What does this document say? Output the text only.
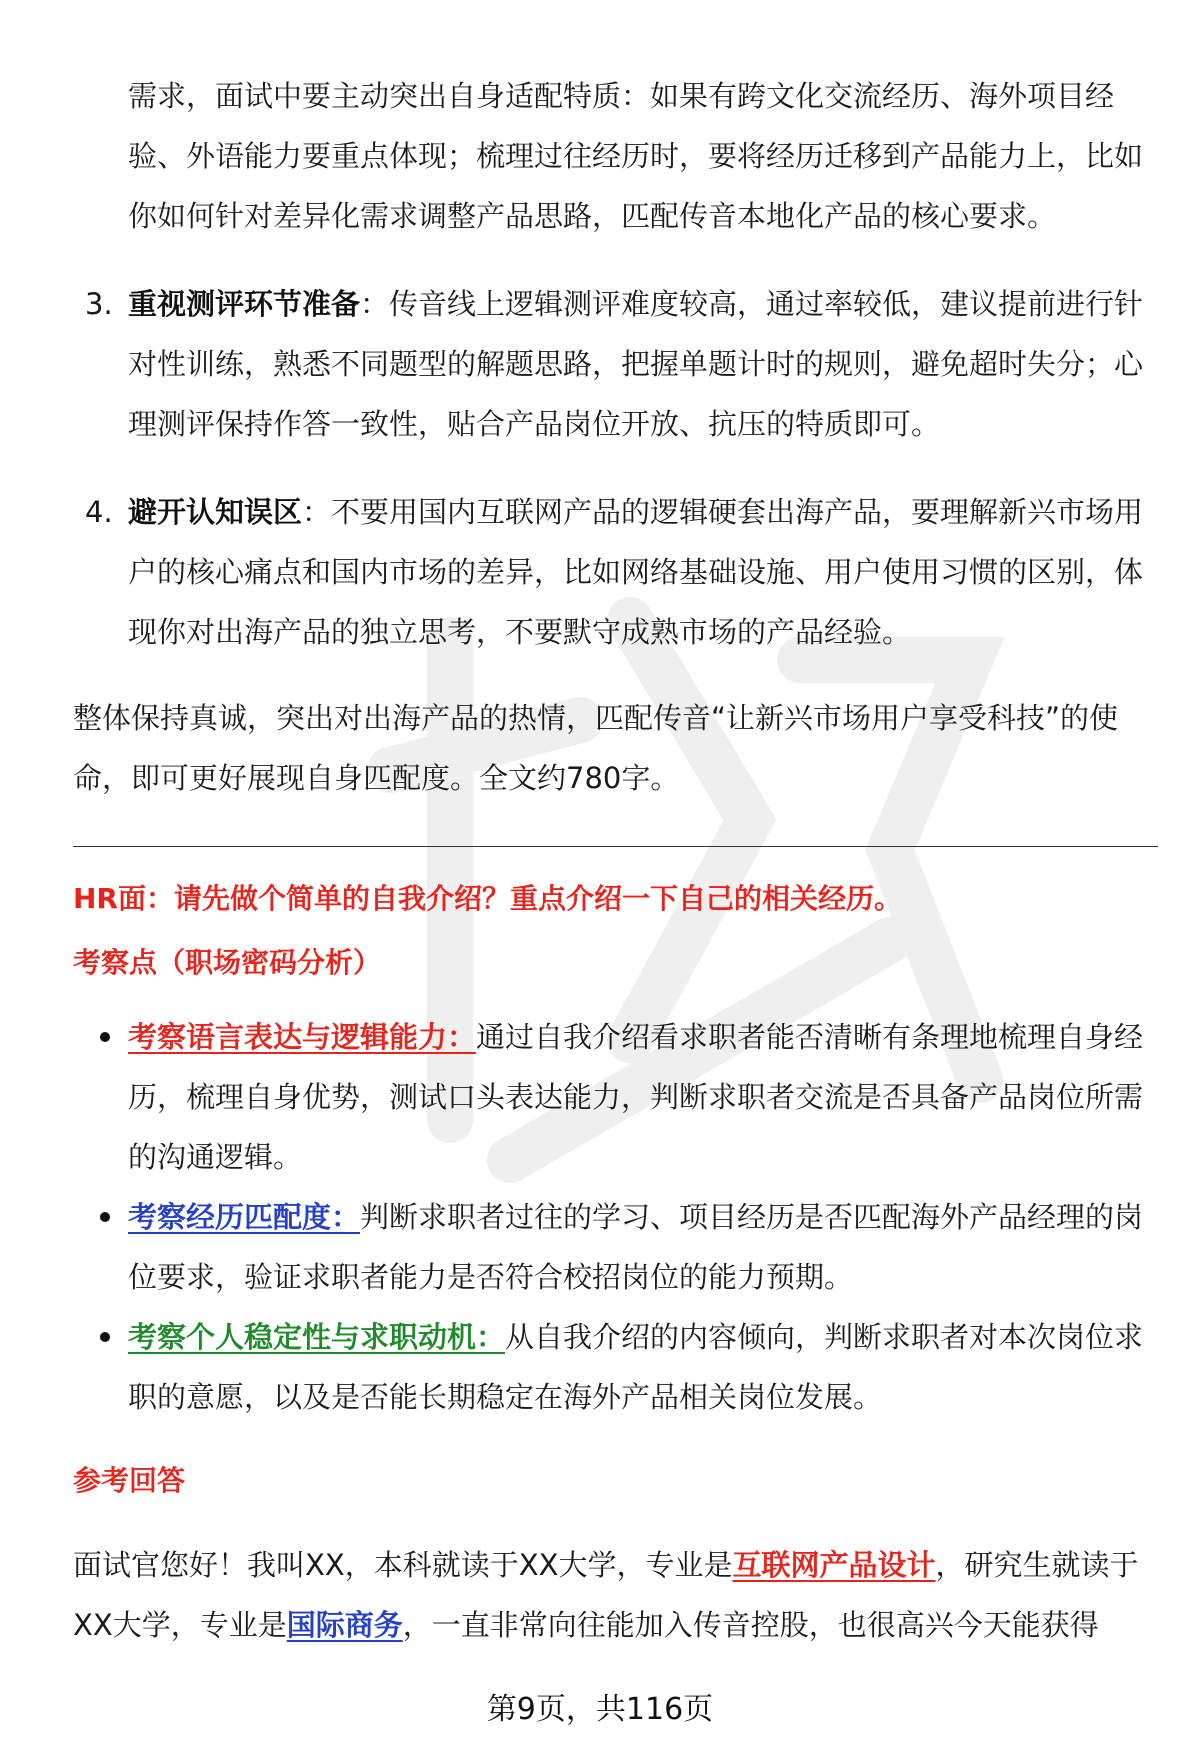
需求，面试中要主动突出自身适配特质：如果有跨文化交流经历、海外项目经验、外语能力要重点体现；梳理过往经历时，要将经历迁移到产品能力上，比如你如何针对差异化需求调整产品思路，匹配传音本地化产品的核心要求。

3. 重视测评环节准备：传音线上逻辑测评难度较高，通过率较低，建议提前进行针对性训练，熟悉不同题型的解题思路，把握单题计时的规则，避免超时失分；心理测评保持作答一致性，贴合产品岗位开放、抗压的特质即可。
4. 避开认知误区：不要用国内互联网产品的逻辑硬套出海产品，要理解新兴市场用户的核心痛点和国内市场的差异，比如网络基础设施、用户使用习惯的区别，体现你对出海产品的独立思考，不要默守成熟市场的产品经验。

整体保持真诚，突出对出海产品的热情，匹配传音“让新兴市场用户享受科技”的使命，即可更好展现自身匹配度。全文约780字。

HR面：请先做个简单的自我介绍？重点介绍一下自己的相关经历。

考察点（职场密码分析）

考察语言表达与逻辑能力：通过自我介绍看求职者能否清晰有条理地梳理自身经历，梳理自身优势，测试口头表达能力，判断求职者交流是否具备产品岗位所需的沟通逻辑。
考察经历匹配度：判断求职者过往的学习、项目经历是否匹配海外产品经理的岗位要求，验证求职者能力是否符合校招岗位的能力预期。
考察个人稳定性与求职动机：从自我介绍的内容倾向，判断求职者对本次岗位求职的意愿，以及是否能长期稳定在海外产品相关岗位发展。

参考回答

面试官您好！我叫XX，本科就读于XX大学，专业是互联网产品设计，研究生就读于XX大学，专业是国际商务，一直非常向往能加入传音控股，也很高兴今天能获得

第9页，共116页
